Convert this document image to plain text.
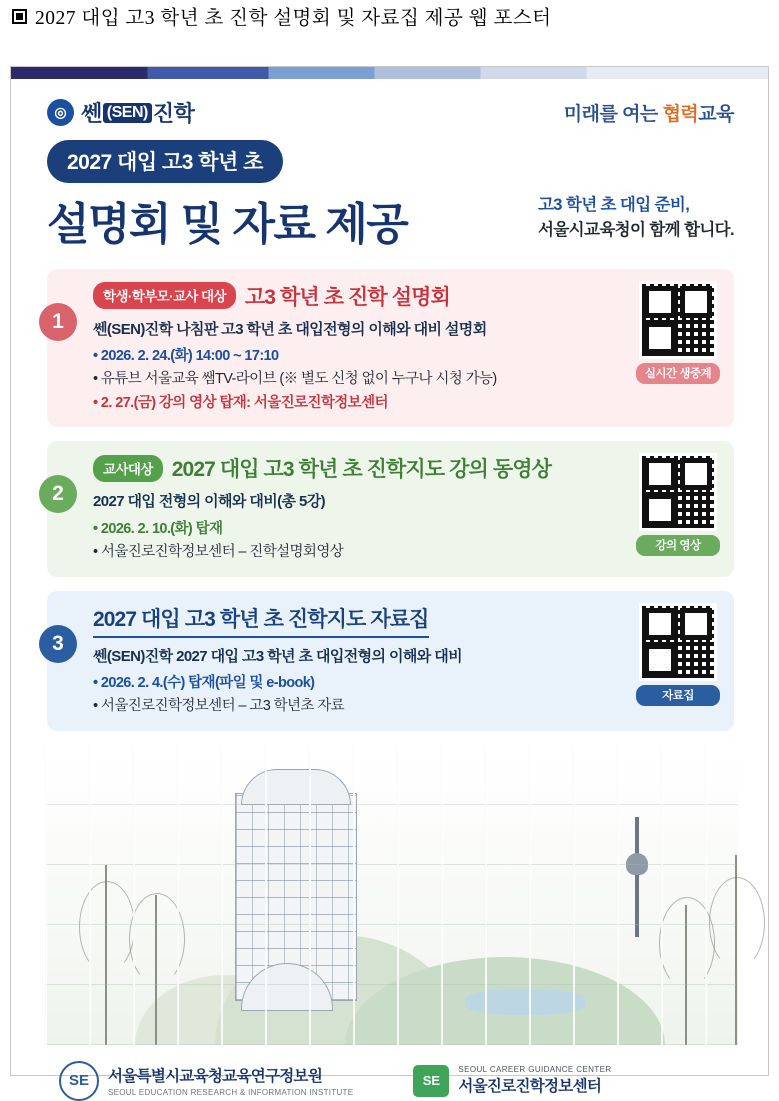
2027 대입 고3 학년 초 진학 설명회 및 자료집 제공 웹 포스터
◎ 쎈 (SEN) 진학	미래를 여는 협력교육
2027 대입 고3 학년 초
설명회 및 자료 제공	고3 학년 초 대입 준비,
서울시교육청이 함께 합니다.
1
학생·학부모·교사 대상 고3 학년 초 진학 설명회
쎈(SEN)진학 나침판 고3 학년 초 대입전형의 이해와 대비 설명회
• 2026. 2. 24.(화) 14:00 ~ 17:10
• 유튜브 서울교육 쌤TV-라이브 (※ 별도 신청 없이 누구나 시청 가능)
• 2. 27.(금) 강의 영상 탑재: 서울진로진학정보센터
실시간 생중계
2
교사대상 2027 대입 고3 학년 초 진학지도 강의 동영상
2027 대입 전형의 이해와 대비(총 5강)
• 2026. 2. 10.(화) 탑재
• 서울진로진학정보센터 – 진학설명회영상	강의 영상
3
2027 대입 고3 학년 초 진학지도 자료집
쎈(SEN)진학 2027 대입 고3 학년 초 대입전형의 이해와 대비
• 2026. 2. 4.(수) 탑재(파일 및 e-book)
• 서울진로진학정보센터 – 고3 학년초 자료
자료집
SE	서울특별시교육청교육연구정보원
SEOUL EDUCATION RESEARCH & INFORMATION INSTITUTE
SE
SEOUL CAREER GUIDANCE CENTER
서울진로진학정보센터
